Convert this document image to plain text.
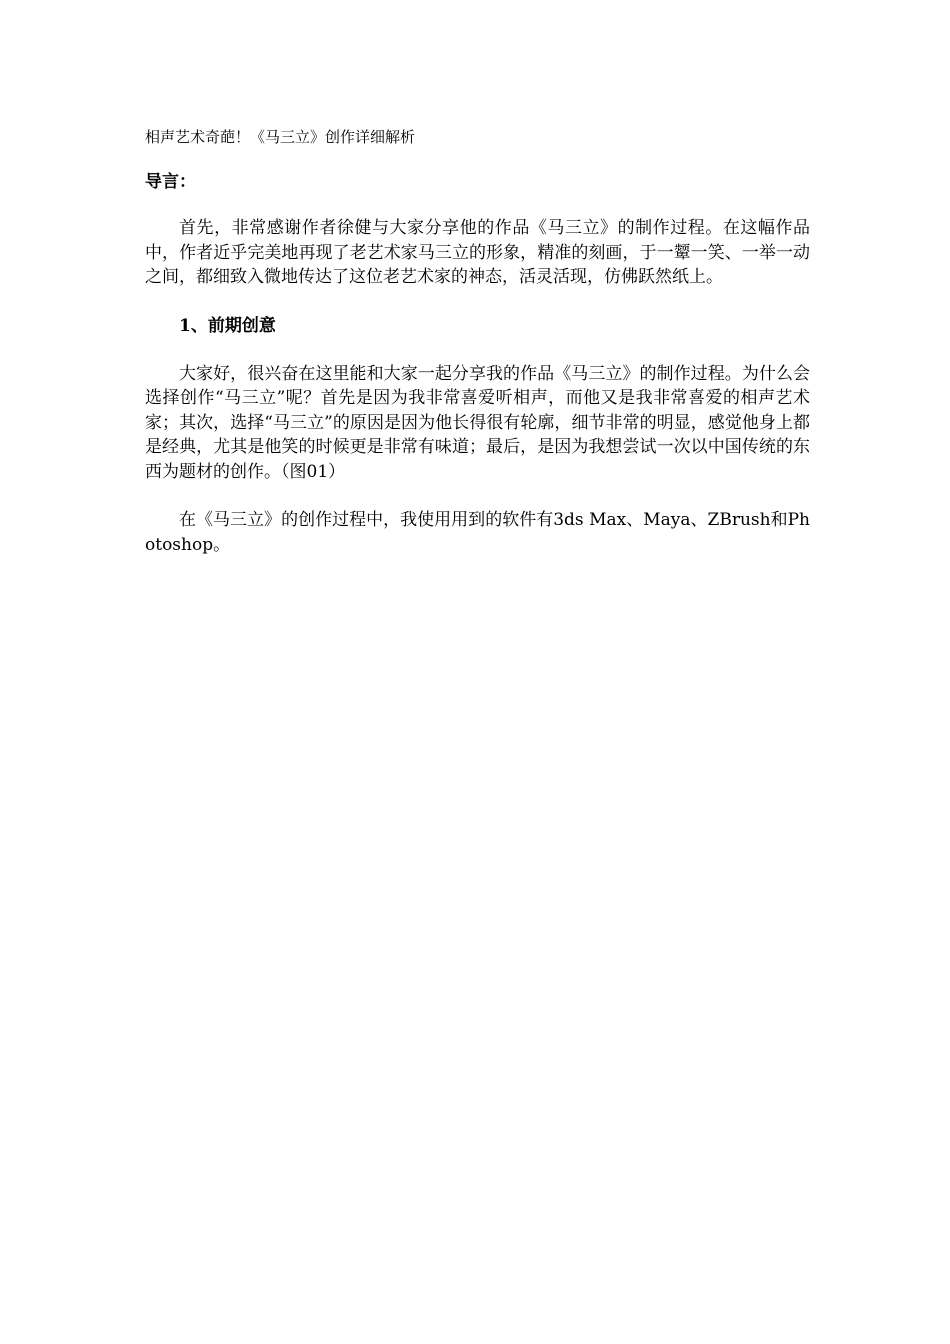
相声艺术奇葩！《马三立》创作详细解析

导言：

首先，非常感谢作者徐健与大家分享他的作品《马三立》的制作过程。在这幅作品中，作者近乎完美地再现了老艺术家马三立的形象，精准的刻画，于一颦一笑、一举一动之间，都细致入微地传达了这位老艺术家的神态，活灵活现，仿佛跃然纸上。

1、前期创意

大家好，很兴奋在这里能和大家一起分享我的作品《马三立》的制作过程。为什么会选择创作“马三立”呢？首先是因为我非常喜爱听相声，而他又是我非常喜爱的相声艺术家；其次，选择“马三立”的原因是因为他长得很有轮廓，细节非常的明显，感觉他身上都是经典，尤其是他笑的时候更是非常有味道；最后，是因为我想尝试一次以中国传统的东西为题材的创作。（图01）

在《马三立》的创作过程中，我使用用到的软件有3ds Max、Maya、ZBrush和Photoshop。
